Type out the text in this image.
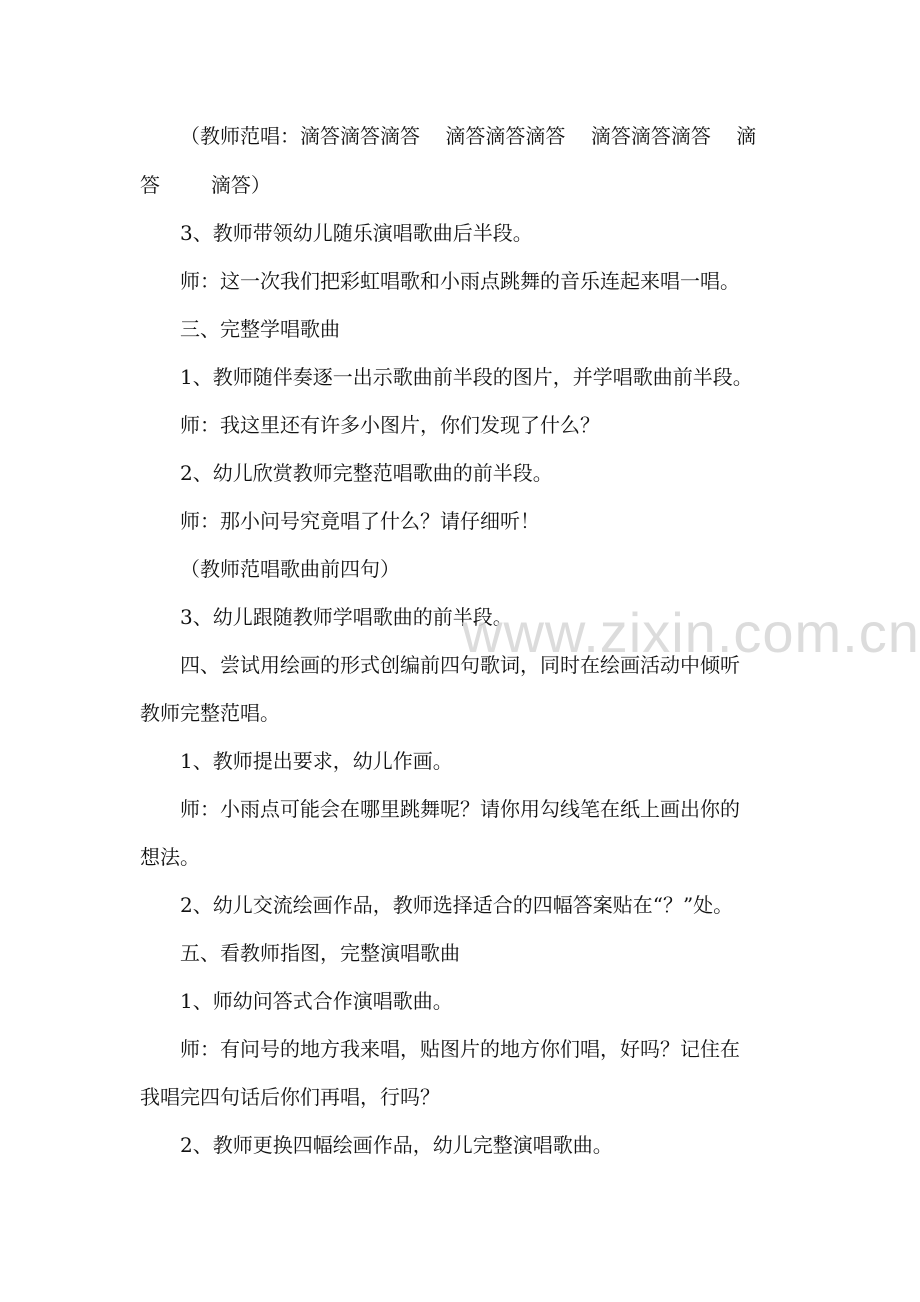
（教师范唱：滴答滴答滴答    滴答滴答滴答    滴答滴答滴答    滴
答        滴答）
3、教师带领幼儿随乐演唱歌曲后半段。
师：这一次我们把彩虹唱歌和小雨点跳舞的音乐连起来唱一唱。
三、完整学唱歌曲
1、教师随伴奏逐一出示歌曲前半段的图片，并学唱歌曲前半段。
师：我这里还有许多小图片，你们发现了什么？
2、幼儿欣赏教师完整范唱歌曲的前半段。
师：那小问号究竟唱了什么？请仔细听！
（教师范唱歌曲前四句）
3、幼儿跟随教师学唱歌曲的前半段。
四、尝试用绘画的形式创编前四句歌词，同时在绘画活动中倾听
教师完整范唱。
1、教师提出要求，幼儿作画。
师：小雨点可能会在哪里跳舞呢？请你用勾线笔在纸上画出你的
想法。
2、幼儿交流绘画作品，教师选择适合的四幅答案贴在“？”处。
五、看教师指图，完整演唱歌曲
1、师幼问答式合作演唱歌曲。
师：有问号的地方我来唱，贴图片的地方你们唱，好吗？记住在
我唱完四句话后你们再唱，行吗？
2、教师更换四幅绘画作品，幼儿完整演唱歌曲。
www.zixin.com.cn
